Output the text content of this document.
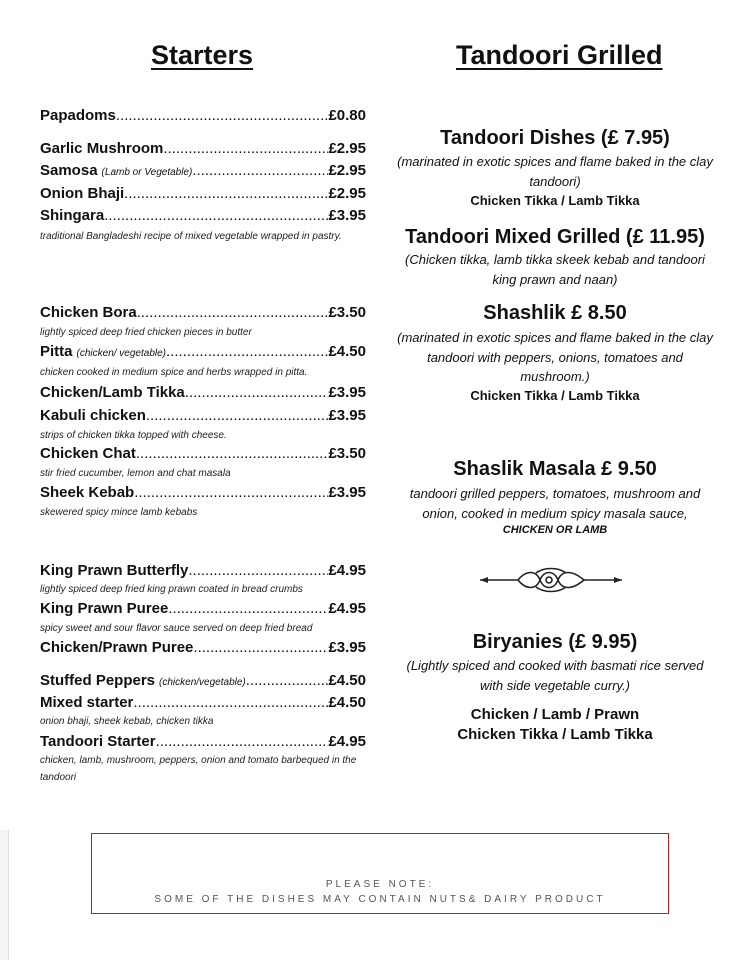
Starters
Papadoms .....	£0.80
Garlic Mushroom .....	£2.95
Samosa (Lamb or Vegetable) .....	£2.95
Onion Bhaji .....	£2.95
Shingara .....	£3.95
traditional Bangladeshi recipe of mixed vegetable wrapped in pastry.
Chicken Bora .....	£3.50
lightly spiced deep fried chicken pieces in butter
Pitta (chicken/ vegetable) .....	£4.50
chicken cooked in medium spice and herbs wrapped in pitta.
Chicken/Lamb Tikka .....	£3.95
Kabuli chicken .....	£3.95
strips of chicken tikka topped with cheese.
Chicken Chat .....	£3.50
stir fried cucumber, lemon and chat masala
Sheek Kebab .....	£3.95
skewered spicy mince lamb kebabs
King Prawn Butterfly .....	£4.95
lightly spiced deep fried king prawn coated in bread crumbs
King Prawn Puree .....	£4.95
spicy sweet and sour flavor sauce served on deep fried bread
Chicken/Prawn Puree .....	£3.95
Stuffed Peppers (chicken/vegetable) .....	£4.50
Mixed starter .....	£4.50
onion bhaji, sheek kebab, chicken tikka
Tandoori Starter .....	£4.95
chicken, lamb, mushroom, peppers, onion and tomato barbequed in the tandoori
Tandoori Grilled
Tandoori Dishes (£ 7.95)
(marinated in exotic spices and flame baked in the clay tandoori)
Chicken Tikka / Lamb Tikka
Tandoori Mixed Grilled (£ 11.95)
(Chicken tikka, lamb tikka skeek kebab and tandoori king prawn and naan)
Shashlik £ 8.50
(marinated in exotic spices and flame baked in the clay tandoori with peppers, onions, tomatoes and mushroom.)
Chicken Tikka / Lamb Tikka
Shaslik Masala £ 9.50
tandoori grilled peppers, tomatoes, mushroom and onion, cooked in medium spicy masala sauce,
CHICKEN OR LAMB
Biryanies (£ 9.95)
(Lightly spiced and cooked with basmati rice served with side vegetable curry.)
Chicken / Lamb / Prawn
Chicken Tikka / Lamb Tikka
PLEASE NOTE:
SOME OF THE DISHES MAY CONTAIN NUTS& DAIRY PRODUCT
